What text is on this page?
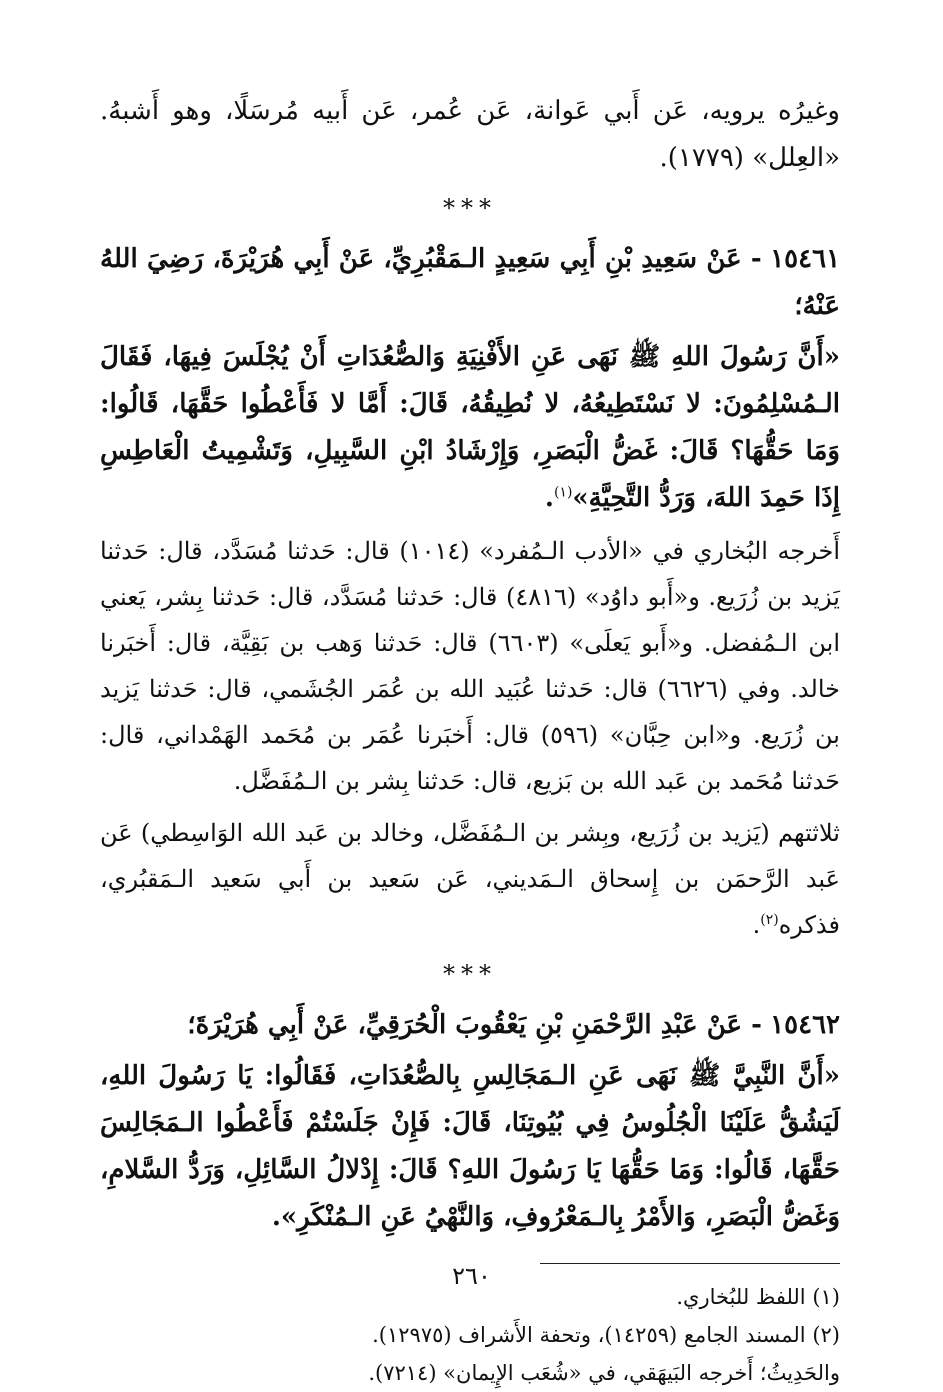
وغيرُه يرويه، عَن أَبي عَوانة، عَن عُمر، عَن أَبيه مُرسَلًا، وهو أَشبهُ. «العِلل» (١٧٧٩).

***

١٥٤٦١ - عَنْ سَعِيدِ بْنِ أَبِي سَعِيدٍ الـمَقْبُرِيِّ، عَنْ أَبِي هُرَيْرَةَ، رَضِيَ اللهُ عَنْهُ؛

«أَنَّ رَسُولَ اللهِ ﷺ نَهَى عَنِ الأَفْنِيَةِ وَالصُّعُدَاتِ أَنْ يُجْلَسَ فِيهَا، فَقَالَ الـمُسْلِمُونَ: لا نَسْتَطِيعُهُ، لا نُطِيقُهُ، قَالَ: أَمَّا لا فَأَعْطُوا حَقَّهَا، قَالُوا: وَمَا حَقُّهَا؟ قَالَ: غَضُّ الْبَصَرِ، وَإِرْشَادُ ابْنِ السَّبِيلِ، وَتَشْمِيتُ الْعَاطِسِ إِذَا حَمِدَ اللهَ، وَرَدُّ التَّحِيَّةِ»$^{(١)}$.

أَخرجه البُخاري في «الأدب الـمُفرد» (١٠١٤) قال: حَدثنا مُسَدَّد، قال: حَدثنا يَزيد بن زُرَيع. و«أَبو داوُد» (٤٨١٦) قال: حَدثنا مُسَدَّد، قال: حَدثنا بِشر، يَعني ابن الـمُفضل. و«أَبو يَعلَى» (٦٦٠٣) قال: حَدثنا وَهب بن بَقِيَّة، قال: أَخبَرنا خالد. وفي (٦٦٢٦) قال: حَدثنا عُبَيد الله بن عُمَر الجُشَمي، قال: حَدثنا يَزيد بن زُرَيع. و«ابن حِبَّان» (٥٩٦) قال: أَخبَرنا عُمَر بن مُحَمد الهَمْداني، قال: حَدثنا مُحَمد بن عَبد الله بن بَزيع، قال: حَدثنا بِشر بن الـمُفَضَّل.

ثلاثتهم (يَزيد بن زُرَيع، وبِشر بن الـمُفَضَّل، وخالد بن عَبد الله الوَاسِطي) عَن عَبد الرَّحمَن بن إِسحاق الـمَديني، عَن سَعيد بن أَبي سَعيد الـمَقبُري، فذكره$^{(٢)}$.

***

١٥٤٦٢ - عَنْ عَبْدِ الرَّحْمَنِ بْنِ يَعْقُوبَ الْحُرَقِيِّ، عَنْ أَبِي هُرَيْرَةَ؛

«أَنَّ النَّبِيَّ ﷺ نَهَى عَنِ الـمَجَالِسِ بِالصُّعُدَاتِ، فَقَالُوا: يَا رَسُولَ اللهِ، لَيَشُقُّ عَلَيْنَا الْجُلُوسُ فِي بُيُوتِنَا، قَالَ: فَإِنْ جَلَسْتُمْ فَأَعْطُوا الـمَجَالِسَ حَقَّهَا، قَالُوا: وَمَا حَقُّهَا يَا رَسُولَ اللهِ؟ قَالَ: إِدْلالُ السَّائِلِ، وَرَدُّ السَّلامِ، وَغَضُّ الْبَصَرِ، وَالأَمْرُ بِالـمَعْرُوفِ، وَالنَّهْيُ عَنِ الـمُنْكَرِ».

(١) اللفظ للبُخاري.

(٢) المسند الجامع (١٤٢٥٩)، وتحفة الأَشراف (١٢٩٧٥).

والحَدِيثُ؛ أَخرجه البَيهَقي، في «شُعَب الإِيمان» (٧٢١٤).

٢٦٠
